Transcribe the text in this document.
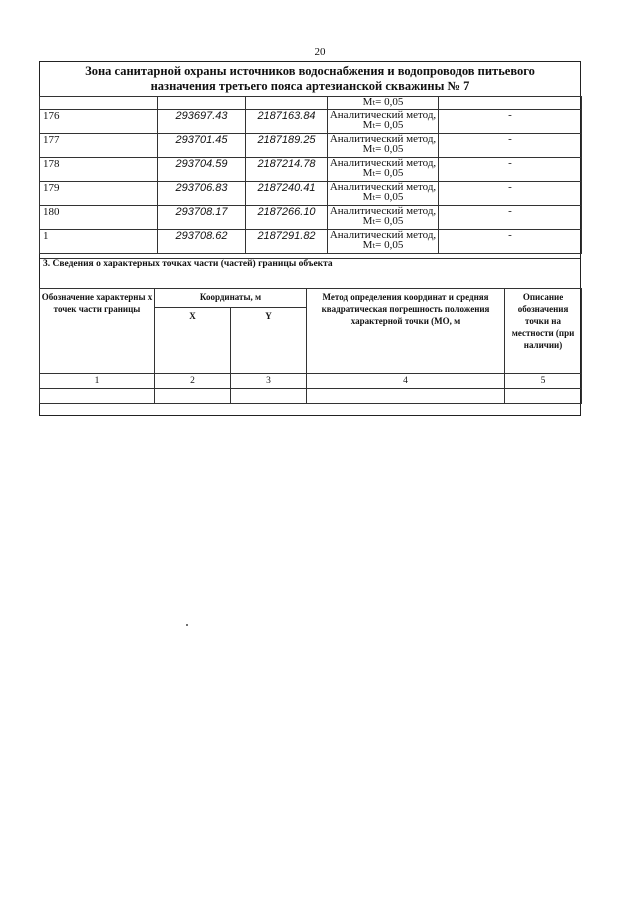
20
Зона санитарной охраны источников водоснабжения и водопроводов питьевого
назначения третьего пояса артезианской скважины № 7
			Mₜ= 0,05	
176	293697.43	2187163.84	Аналитический метод,
Mₜ= 0,05	-
177	293701.45	2187189.25	Аналитический метод,
Mₜ= 0,05	-
178	293704.59	2187214.78	Аналитический метод,
Mₜ= 0,05	-
179	293706.83	2187240.41	Аналитический метод,
Mₜ= 0,05	-
180	293708.17	2187266.10	Аналитический метод,
Mₜ= 0,05	-
1	293708.62	2187291.82	Аналитический метод,
Mₜ= 0,05	-
3. Сведения о характерных точках части (частей) границы объекта
Обозначение характерны х точек части границы	Координаты, м		Метод определения координат и средняя квадратическая погрешность положения характерной точки (МО, м	Описание обозначения точки на местности (при наличии)
	X	Y		
1	2	3	4	5
